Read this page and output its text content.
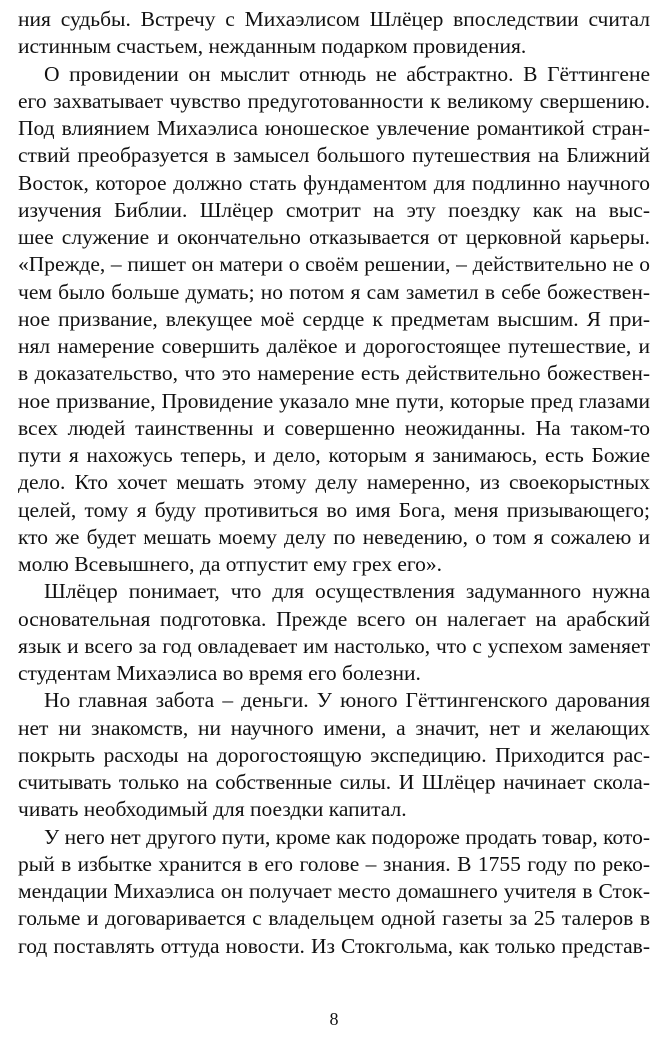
ния судьбы. Встречу с Михаэлисом Шлёцер впоследствии считал
истинным счастьем, нежданным подарком провидения.
О провидении он мыслит отнюдь не абстрактно. В Гёттингене
его захватывает чувство предуготованности к великому свершению.
Под влиянием Михаэлиса юношеское увлечение романтикой стран-
ствий преобразуется в замысел большого путешествия на Ближний
Восток, которое должно стать фундаментом для подлинно научного
изучения Библии. Шлёцер смотрит на эту поездку как на выс-
шее служение и окончательно отказывается от церковной карьеры.
«Прежде, – пишет он матери о своём решении, – действительно не о
чем было больше думать; но потом я сам заметил в себе божествен-
ное призвание, влекущее моё сердце к предметам высшим. Я при-
нял намерение совершить далёкое и дорогостоящее путешествие, и
в доказательство, что это намерение есть действительно божествен-
ное призвание, Провидение указало мне пути, которые пред глазами
всех людей таинственны и совершенно неожиданны. На таком-то
пути я нахожусь теперь, и дело, которым я занимаюсь, есть Божие
дело. Кто хочет мешать этому делу намеренно, из своекорыстных
целей, тому я буду противиться во имя Бога, меня призывающего;
кто же будет мешать моему делу по неведению, о том я сожалею и
молю Всевышнего, да отпустит ему грех его».
Шлёцер понимает, что для осуществления задуманного нужна
основательная подготовка. Прежде всего он налегает на арабский
язык и всего за год овладевает им настолько, что с успехом заменяет
студентам Михаэлиса во время его болезни.
Но главная забота – деньги. У юного Гёттингенского дарования
нет ни знакомств, ни научного имени, а значит, нет и желающих
покрыть расходы на дорогостоящую экспедицию. Приходится рас-
считывать только на собственные силы. И Шлёцер начинает скола-
чивать необходимый для поездки капитал.
У него нет другого пути, кроме как подороже продать товар, кото-
рый в избытке хранится в его голове – знания. В 1755 году по реко-
мендации Михаэлиса он получает место домашнего учителя в Сток-
гольме и договаривается с владельцем одной газеты за 25 талеров в
год поставлять оттуда новости. Из Стокгольма, как только представ-
8
